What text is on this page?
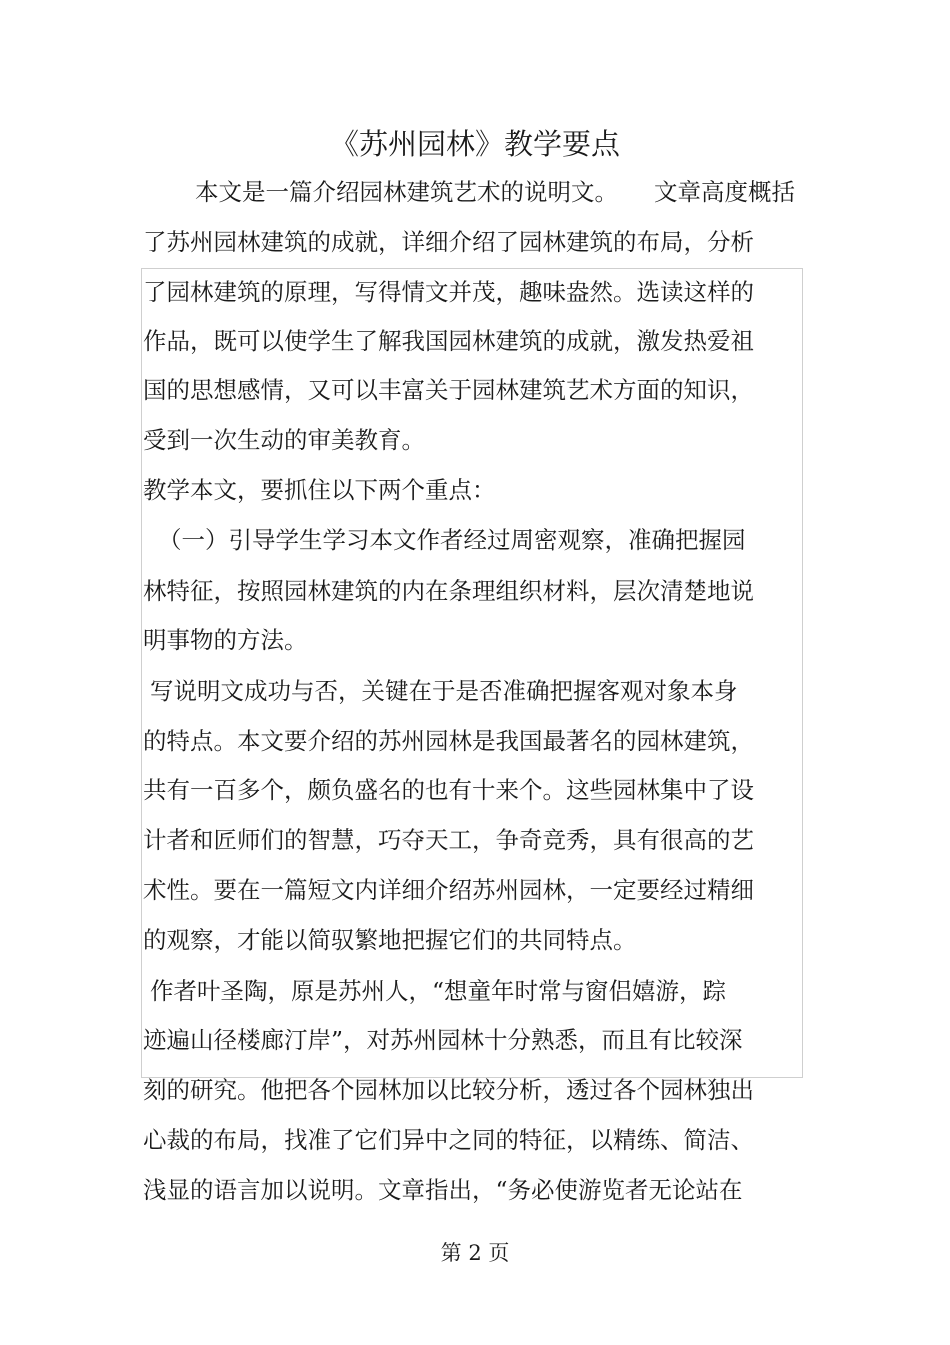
《苏州园林》教学要点
本文是一篇介绍园林建筑艺术的说明文。 文章高度概括
了苏州园林建筑的成就，详细介绍了园林建筑的布局，分析
了园林建筑的原理，写得情文并茂，趣味盎然。选读这样的
作品，既可以使学生了解我国园林建筑的成就，激发热爱祖
国的思想感情，又可以丰富关于园林建筑艺术方面的知识，
受到一次生动的审美教育。
教学本文，要抓住以下两个重点：
（一）引导学生学习本文作者经过周密观察，准确把握园
林特征，按照园林建筑的内在条理组织材料，层次清楚地说
明事物的方法。
写说明文成功与否，关键在于是否准确把握客观对象本身
的特点。本文要介绍的苏州园林是我国最著名的园林建筑，
共有一百多个，颇负盛名的也有十来个。这些园林集中了设
计者和匠师们的智慧，巧夺天工，争奇竞秀，具有很高的艺
术性。要在一篇短文内详细介绍苏州园林，一定要经过精细
的观察，才能以简驭繁地把握它们的共同特点。
作者叶圣陶，原是苏州人，“想童年时常与窗侣嬉游，踪
迹遍山径楼廊汀岸”，对苏州园林十分熟悉，而且有比较深
刻的研究。他把各个园林加以比较分析，透过各个园林独出
心裁的布局，找准了它们异中之同的特征，以精练、简洁、
浅显的语言加以说明。文章指出，“务必使游览者无论站在
第 2 页
